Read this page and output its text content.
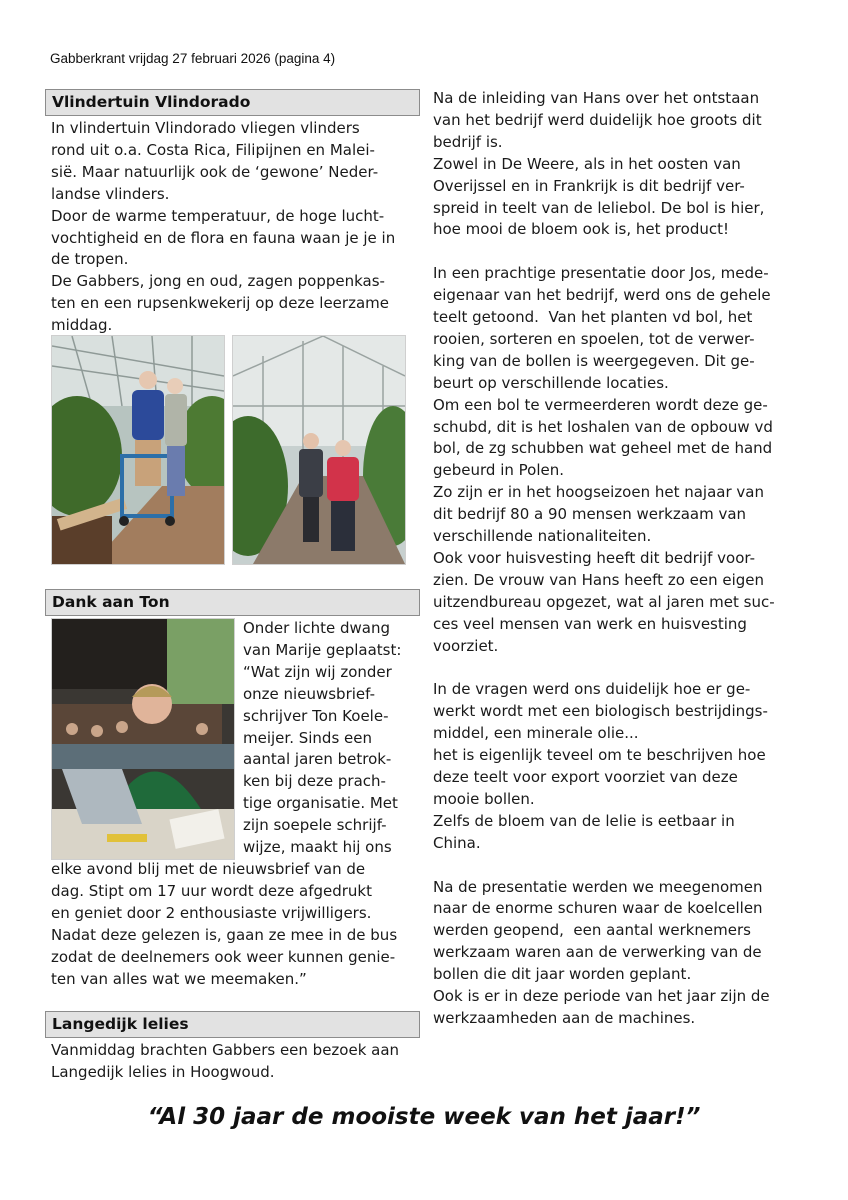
Gabberkrant vrijdag 27 februari 2026 (pagina 4)
Vlindertuin Vlindorado

In vlindertuin Vlindorado vliegen vlinders
rond uit o.a. Costa Rica, Filipijnen en Malei-
sië. Maar natuurlijk ook de ‘gewone’ Neder-
landse vlinders.
Door de warme temperatuur, de hoge lucht-
vochtigheid en de flora en fauna waan je je in
de tropen.
De Gabbers, jong en oud, zagen poppenkas-
ten en een rupsenkwekerij op deze leerzame
middag.

Dank aan Ton

Onder lichte dwang
van Marije geplaatst:
“Wat zijn wij zonder
onze nieuwsbrief-
schrijver Ton Koele-
meijer. Sinds een
aantal jaren betrok-
ken bij deze prach-
tige organisatie. Met
zijn soepele schrijf-
wijze, maakt hij ons

elke avond blij met de nieuwsbrief van de
dag. Stipt om 17 uur wordt deze afgedrukt
en geniet door 2 enthousiaste vrijwilligers.
Nadat deze gelezen is, gaan ze mee in de bus
zodat de deelnemers ook weer kunnen genie-
ten van alles wat we meemaken.”

Langedijk lelies

Vanmiddag brachten Gabbers een bezoek aan
Langedijk lelies in Hoogwoud.

Na de inleiding van Hans over het ontstaan
van het bedrijf werd duidelijk hoe groots dit
bedrijf is.
Zowel in De Weere, als in het oosten van
Overijssel en in Frankrijk is dit bedrijf ver-
spreid in teelt van de leliebol. De bol is hier,
hoe mooi de bloem ook is, het product!
In een prachtige presentatie door Jos, mede-
eigenaar van het bedrijf, werd ons de gehele
teelt getoond.  Van het planten vd bol, het
rooien, sorteren en spoelen, tot de verwer-
king van de bollen is weergegeven. Dit ge-
beurt op verschillende locaties.
Om een bol te vermeerderen wordt deze ge-
schubd, dit is het loshalen van de opbouw vd
bol, de zg schubben wat geheel met de hand
gebeurd in Polen.
Zo zijn er in het hoogseizoen het najaar van
dit bedrijf 80 a 90 mensen werkzaam van
verschillende nationaliteiten.
Ook voor huisvesting heeft dit bedrijf voor-
zien. De vrouw van Hans heeft zo een eigen
uitzendbureau opgezet, wat al jaren met suc-
ces veel mensen van werk en huisvesting
voorziet.
In de vragen werd ons duidelijk hoe er ge-
werkt wordt met een biologisch bestrijdings-
middel, een minerale olie...
het is eigenlijk teveel om te beschrijven hoe
deze teelt voor export voorziet van deze
mooie bollen.
Zelfs de bloem van de lelie is eetbaar in
China.
Na de presentatie werden we meegenomen
naar de enorme schuren waar de koelcellen
werden geopend,  een aantal werknemers
werkzaam waren aan de verwerking van de
bollen die dit jaar worden geplant.
Ook is er in deze periode van het jaar zijn de
werkzaamheden aan de machines.

“Al 30 jaar de mooiste week van het jaar!”
